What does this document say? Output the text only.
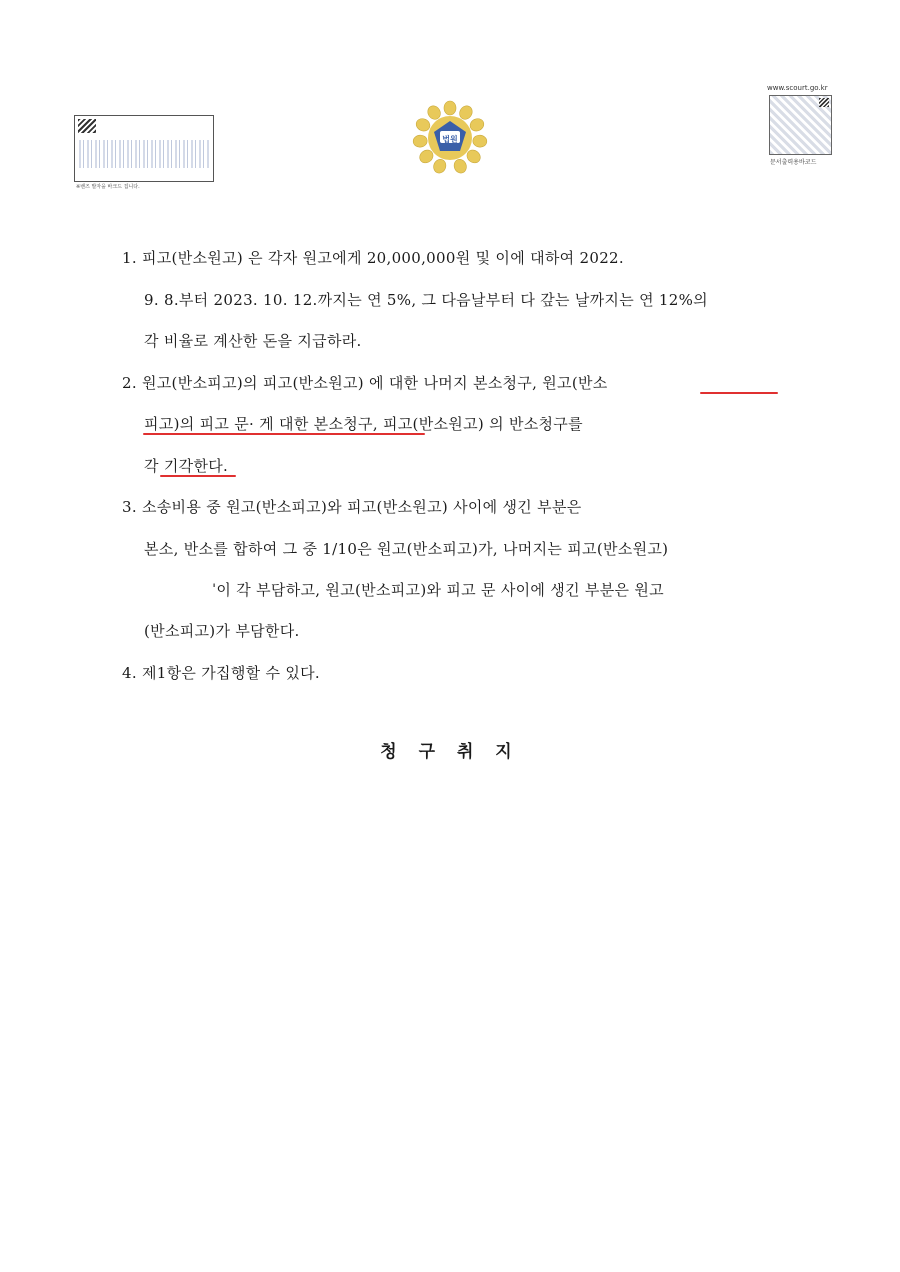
※밴즈 발자을 바크드 집니다.
법원
www.scourt.go.kr
문서출력용바코드
1. 피고(반소원고) 은 각자 원고에게 20,000,000원 및 이에 대하여 2022.
9. 8.부터 2023. 10. 12.까지는 연 5%, 그 다음날부터 다 갚는 날까지는 연 12%의
각 비율로 계산한 돈을 지급하라.
2. 원고(반소피고)의 피고(반소원고) 에 대한 나머지 본소청구, 원고(반소
피고)의 피고 문· 게 대한 본소청구, 피고(반소원고) 의 반소청구를
각 기각한다.
3. 소송비용 중 원고(반소피고)와 피고(반소원고) 사이에 생긴 부분은
본소, 반소를 합하여 그 중 1/10은 원고(반소피고)가, 나머지는 피고(반소원고)
ˈ이 각 부담하고, 원고(반소피고)와 피고 문 사이에 생긴 부분은 원고
(반소피고)가 부담한다.
4. 제1항은 가집행할 수 있다.
청 구 취 지
